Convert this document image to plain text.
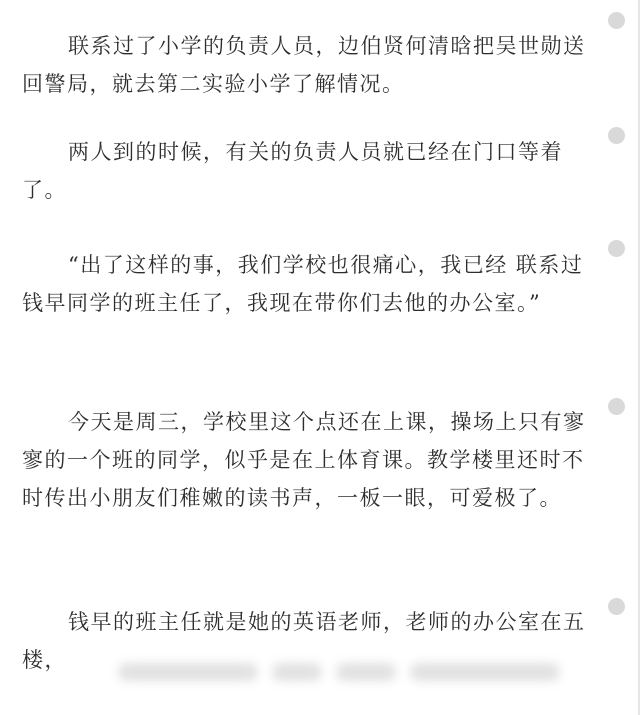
联系过了小学的负责人员，边伯贤何清晗把吴世勋送回警局，就去第二实验小学了解情况。

两人到的时候，有关的负责人员就已经在门口等着了。

“出了这样的事，我们学校也很痛心，我已经 联系过钱早同学的班主任了，我现在带你们去他的办公室。”

今天是周三，学校里这个点还在上课，操场上只有寥寥的一个班的同学，似乎是在上体育课。教学楼里还时不时传出小朋友们稚嫩的读书声，一板一眼，可爱极了。

钱早的班主任就是她的英语老师，老师的办公室在五楼，
